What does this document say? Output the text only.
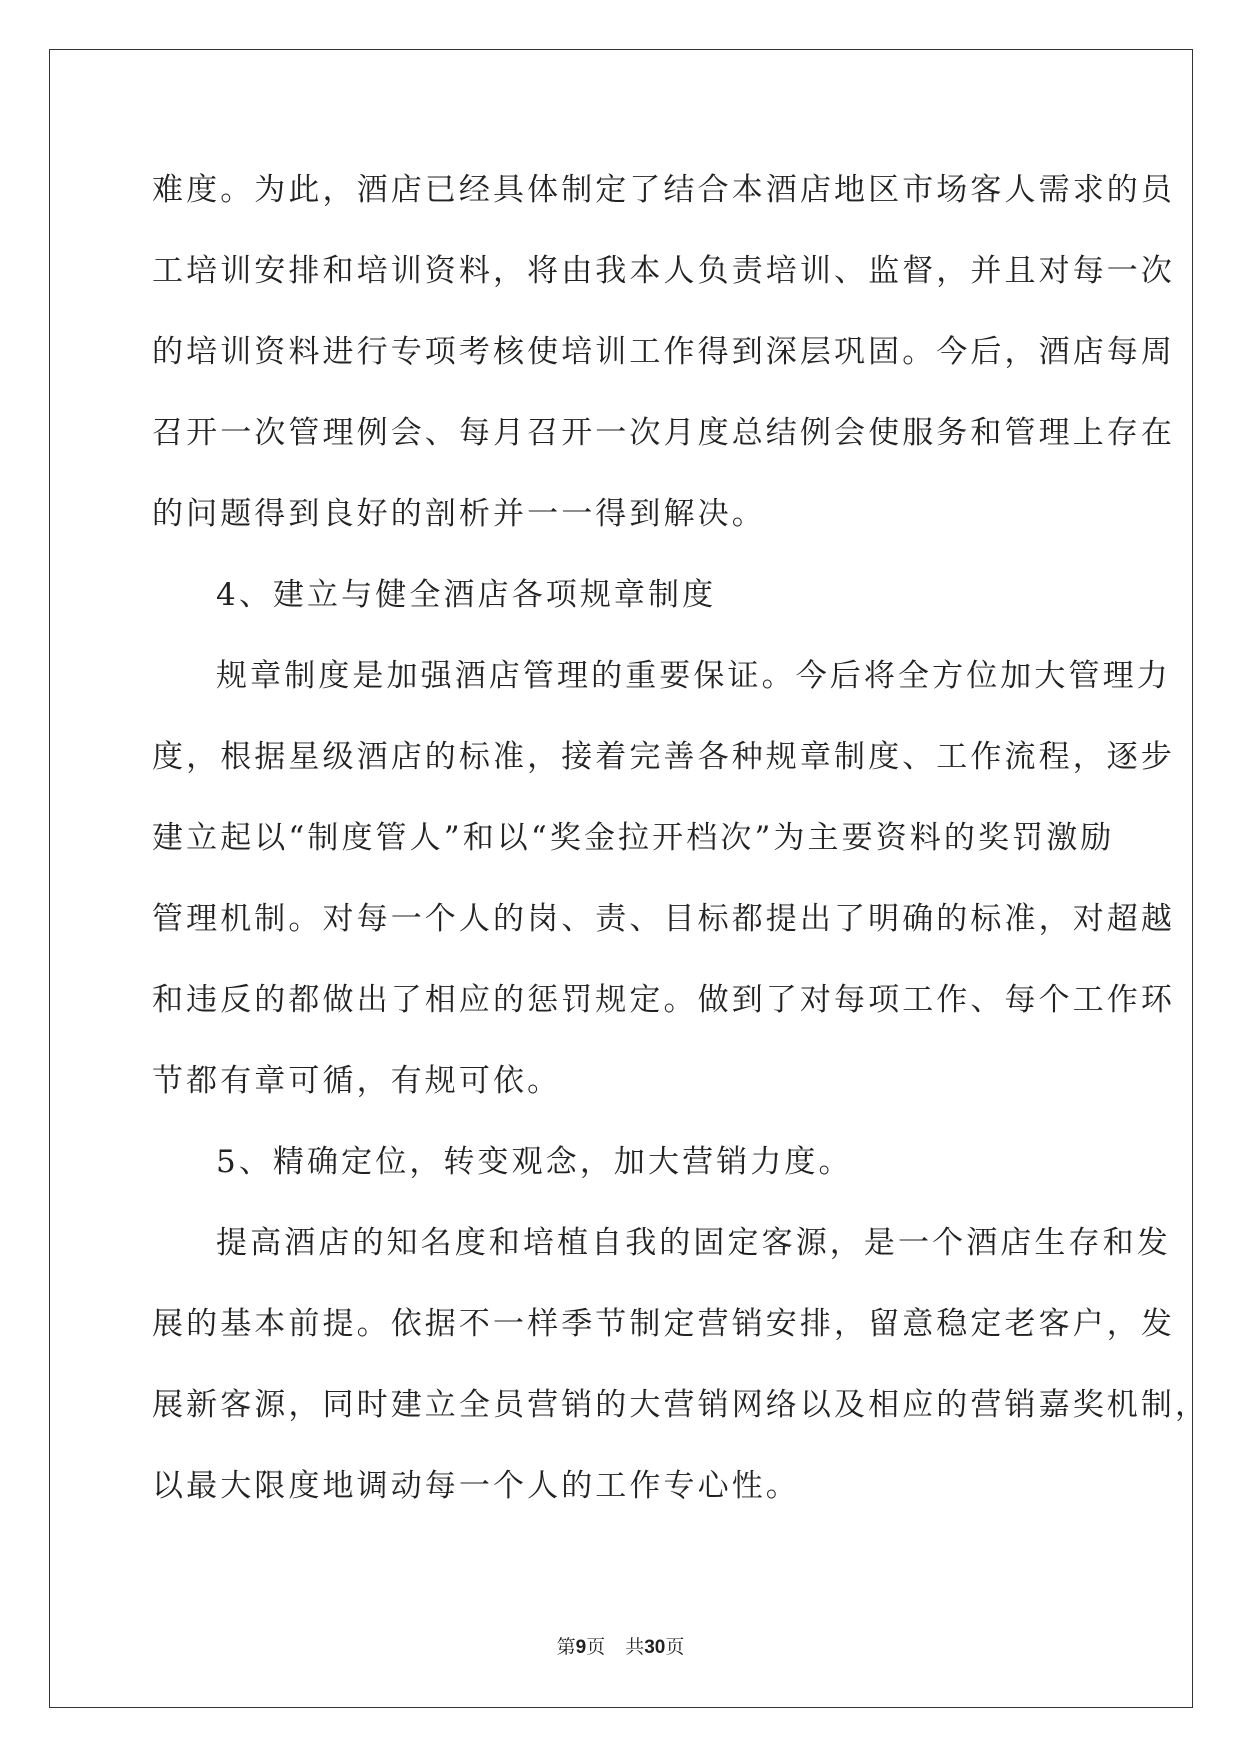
难度。为此，酒店已经具体制定了结合本酒店地区市场客人需求的员
工培训安排和培训资料，将由我本人负责培训、监督，并且对每一次
的培训资料进行专项考核使培训工作得到深层巩固。今后，酒店每周
召开一次管理例会、每月召开一次月度总结例会使服务和管理上存在
的问题得到良好的剖析并一一得到解决。
4、建立与健全酒店各项规章制度
规章制度是加强酒店管理的重要保证。今后将全方位加大管理力
度，根据星级酒店的标准，接着完善各种规章制度、工作流程，逐步
建立起以“制度管人”和以“奖金拉开档次”为主要资料的奖罚激励
管理机制。对每一个人的岗、责、目标都提出了明确的标准，对超越
和违反的都做出了相应的惩罚规定。做到了对每项工作、每个工作环
节都有章可循，有规可依。
5、精确定位，转变观念，加大营销力度。
提高酒店的知名度和培植自我的固定客源，是一个酒店生存和发
展的基本前提。依据不一样季节制定营销安排，留意稳定老客户，发
展新客源，同时建立全员营销的大营销网络以及相应的营销嘉奖机制，
以最大限度地调动每一个人的工作专心性。
第9页 共30页
